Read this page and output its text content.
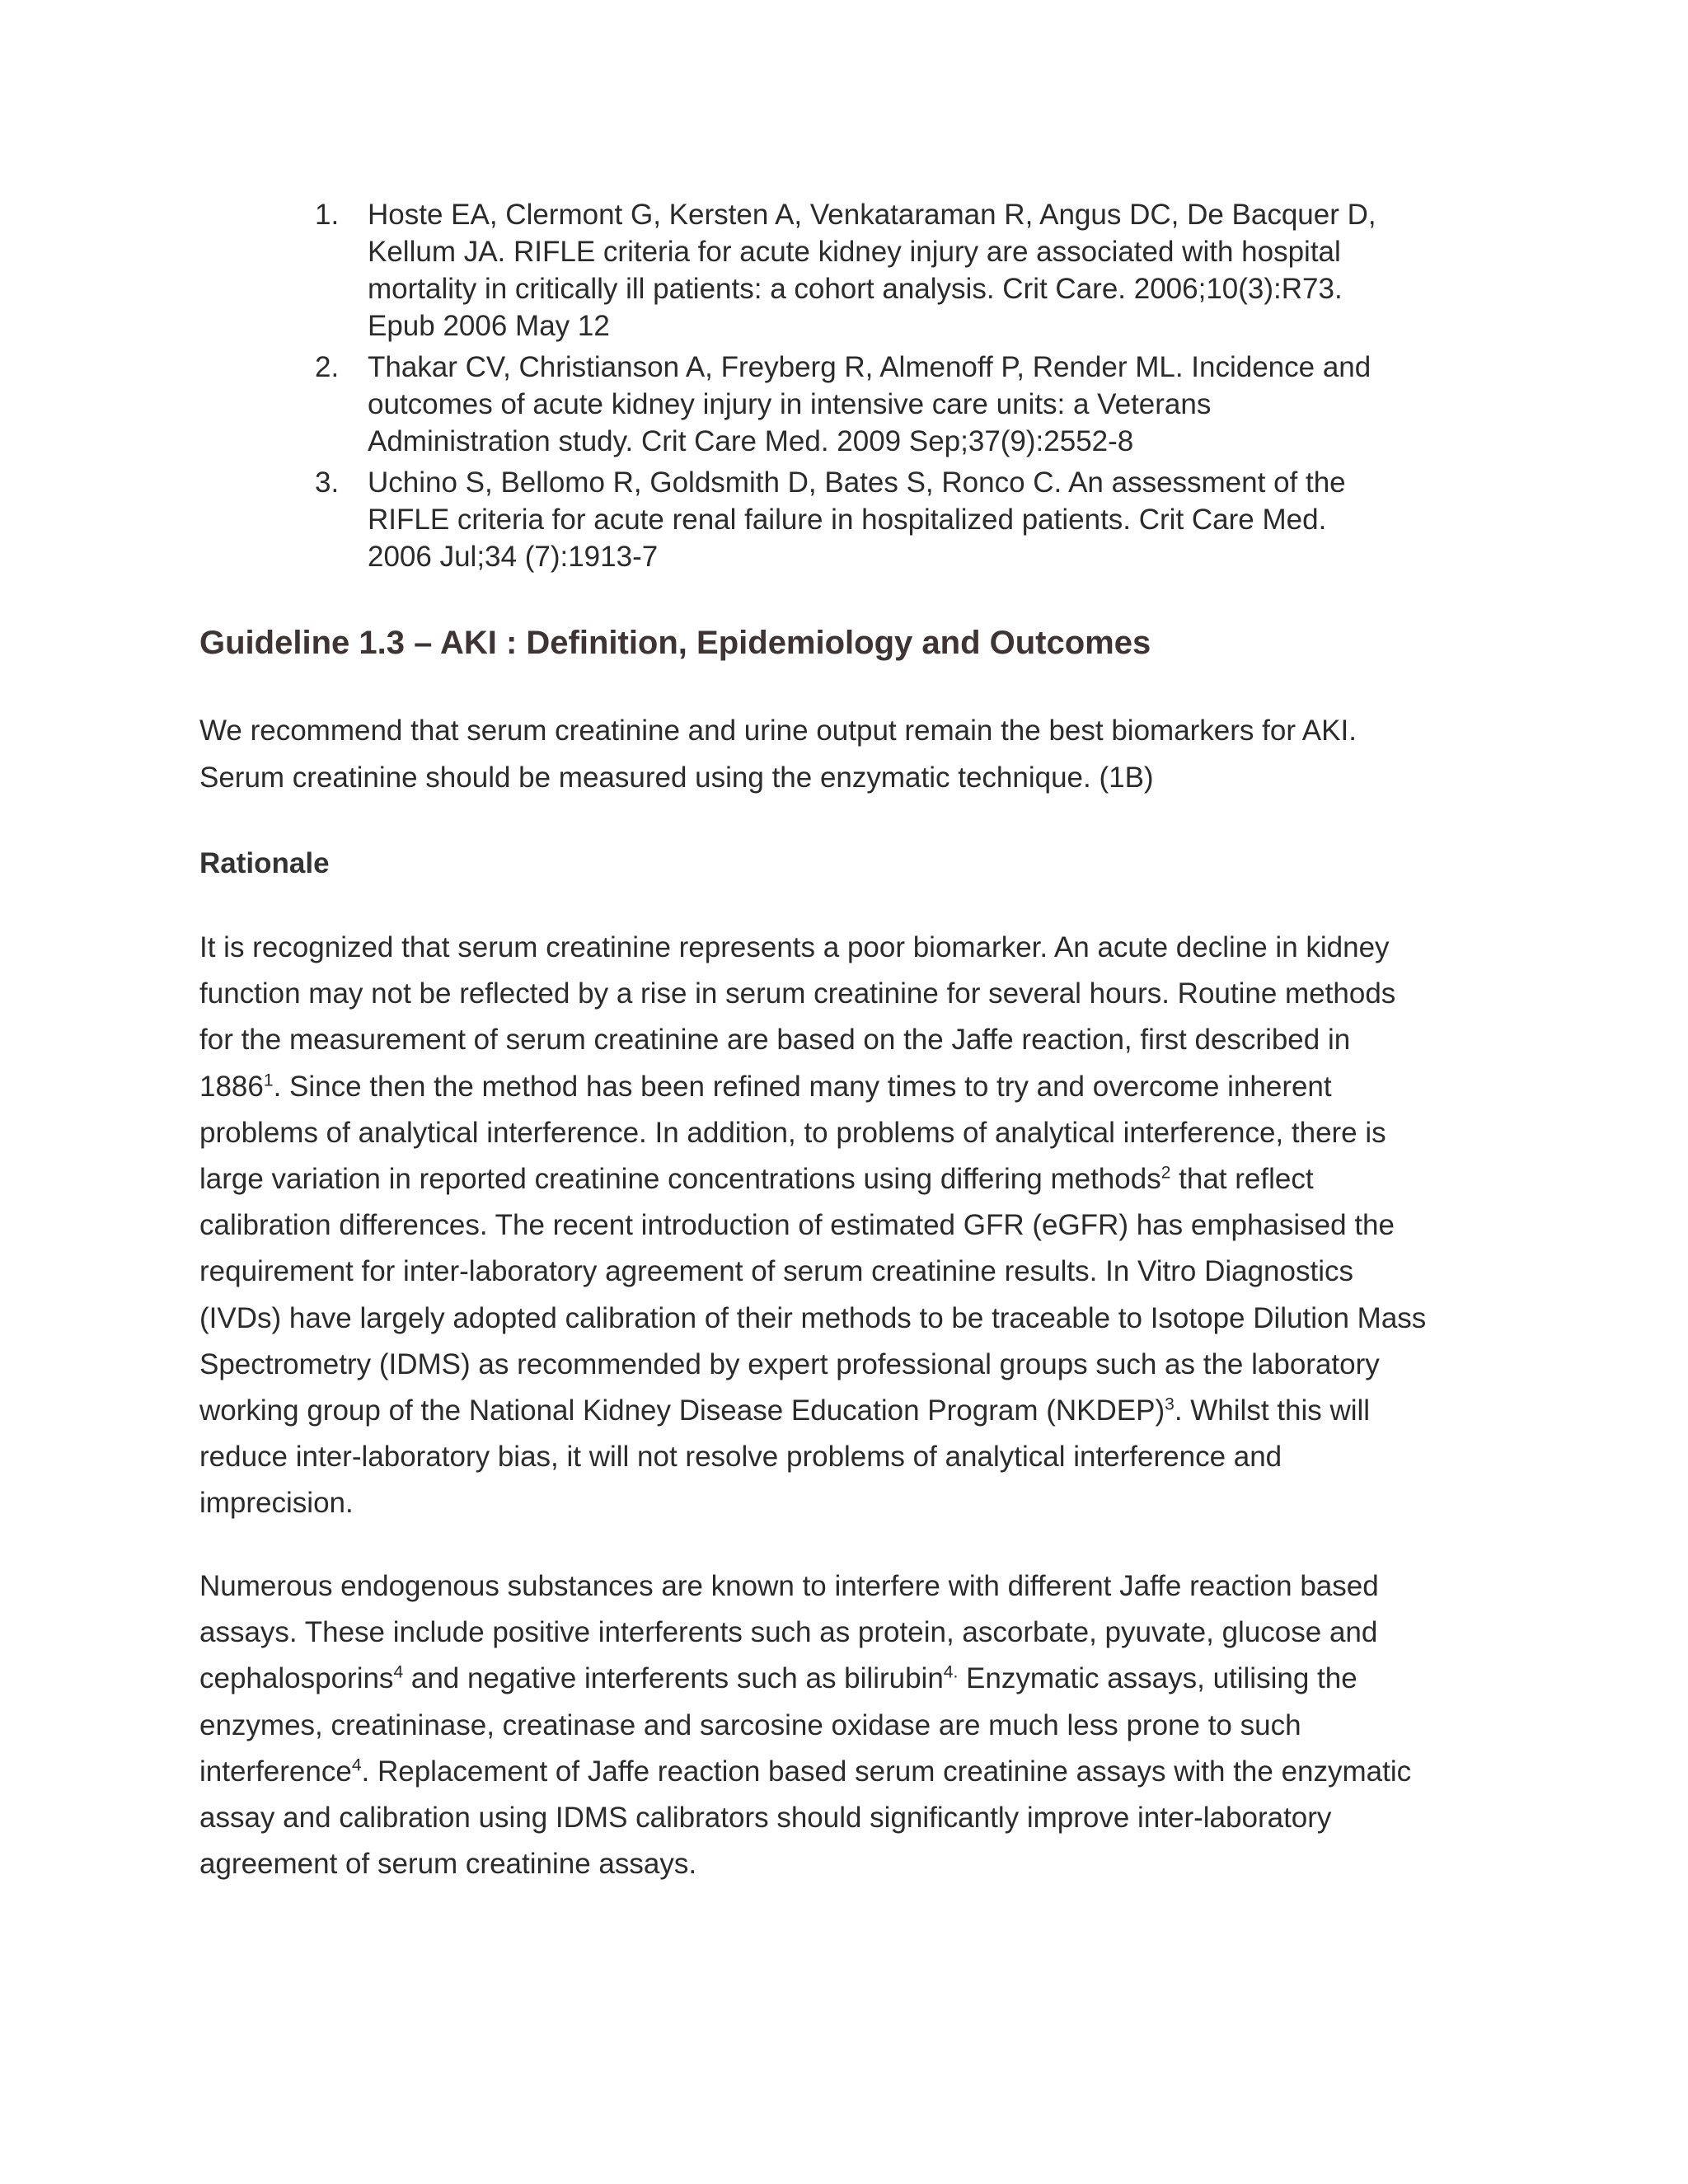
1. Hoste EA, Clermont G, Kersten A, Venkataraman R, Angus DC, De Bacquer D,
Kellum JA. RIFLE criteria for acute kidney injury are associated with hospital
mortality in critically ill patients: a cohort analysis. Crit Care. 2006;10(3):R73.
Epub 2006 May 12
2. Thakar CV, Christianson A, Freyberg R, Almenoff P, Render ML. Incidence and
outcomes of acute kidney injury in intensive care units: a Veterans
Administration study. Crit Care Med. 2009 Sep;37(9):2552-8
3. Uchino S, Bellomo R, Goldsmith D, Bates S, Ronco C. An assessment of the
RIFLE criteria for acute renal failure in hospitalized patients. Crit Care Med.
2006 Jul;34 (7):1913-7
Guideline 1.3 – AKI : Definition, Epidemiology and Outcomes

We recommend that serum creatinine and urine output remain the best biomarkers for AKI.
Serum creatinine should be measured using the enzymatic technique. (1B)

Rationale

It is recognized that serum creatinine represents a poor biomarker. An acute decline in kidney
function may not be reflected by a rise in serum creatinine for several hours. Routine methods
for the measurement of serum creatinine are based on the Jaffe reaction, first described in
1886$^1$. Since then the method has been refined many times to try and overcome inherent
problems of analytical interference. In addition, to problems of analytical interference, there is
large variation in reported creatinine concentrations using differing methods$^2$ that reflect
calibration differences. The recent introduction of estimated GFR (eGFR) has emphasised the
requirement for inter-laboratory agreement of serum creatinine results. In Vitro Diagnostics
(IVDs) have largely adopted calibration of their methods to be traceable to Isotope Dilution Mass
Spectrometry (IDMS) as recommended by expert professional groups such as the laboratory
working group of the National Kidney Disease Education Program (NKDEP)$^3$. Whilst this will
reduce inter-laboratory bias, it will not resolve problems of analytical interference and
imprecision.

Numerous endogenous substances are known to interfere with different Jaffe reaction based
assays. These include positive interferents such as protein, ascorbate, pyuvate, glucose and
cephalosporins$^4$ and negative interferents such as bilirubin$^{4.}$ Enzymatic assays, utilising the
enzymes, creatininase, creatinase and sarcosine oxidase are much less prone to such
interference$^4$. Replacement of Jaffe reaction based serum creatinine assays with the enzymatic
assay and calibration using IDMS calibrators should significantly improve inter-laboratory
agreement of serum creatinine assays.
